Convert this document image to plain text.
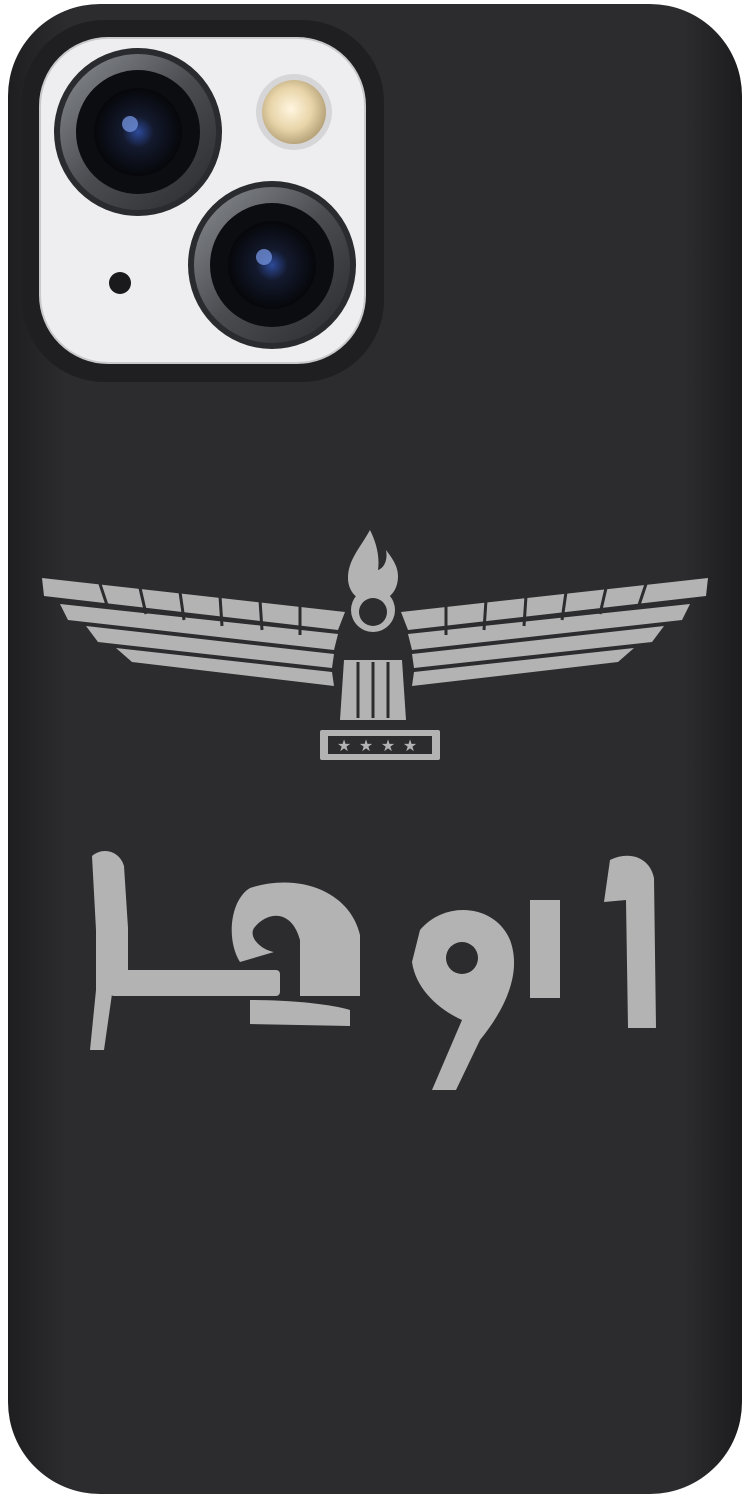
★ ★ ★ ★
